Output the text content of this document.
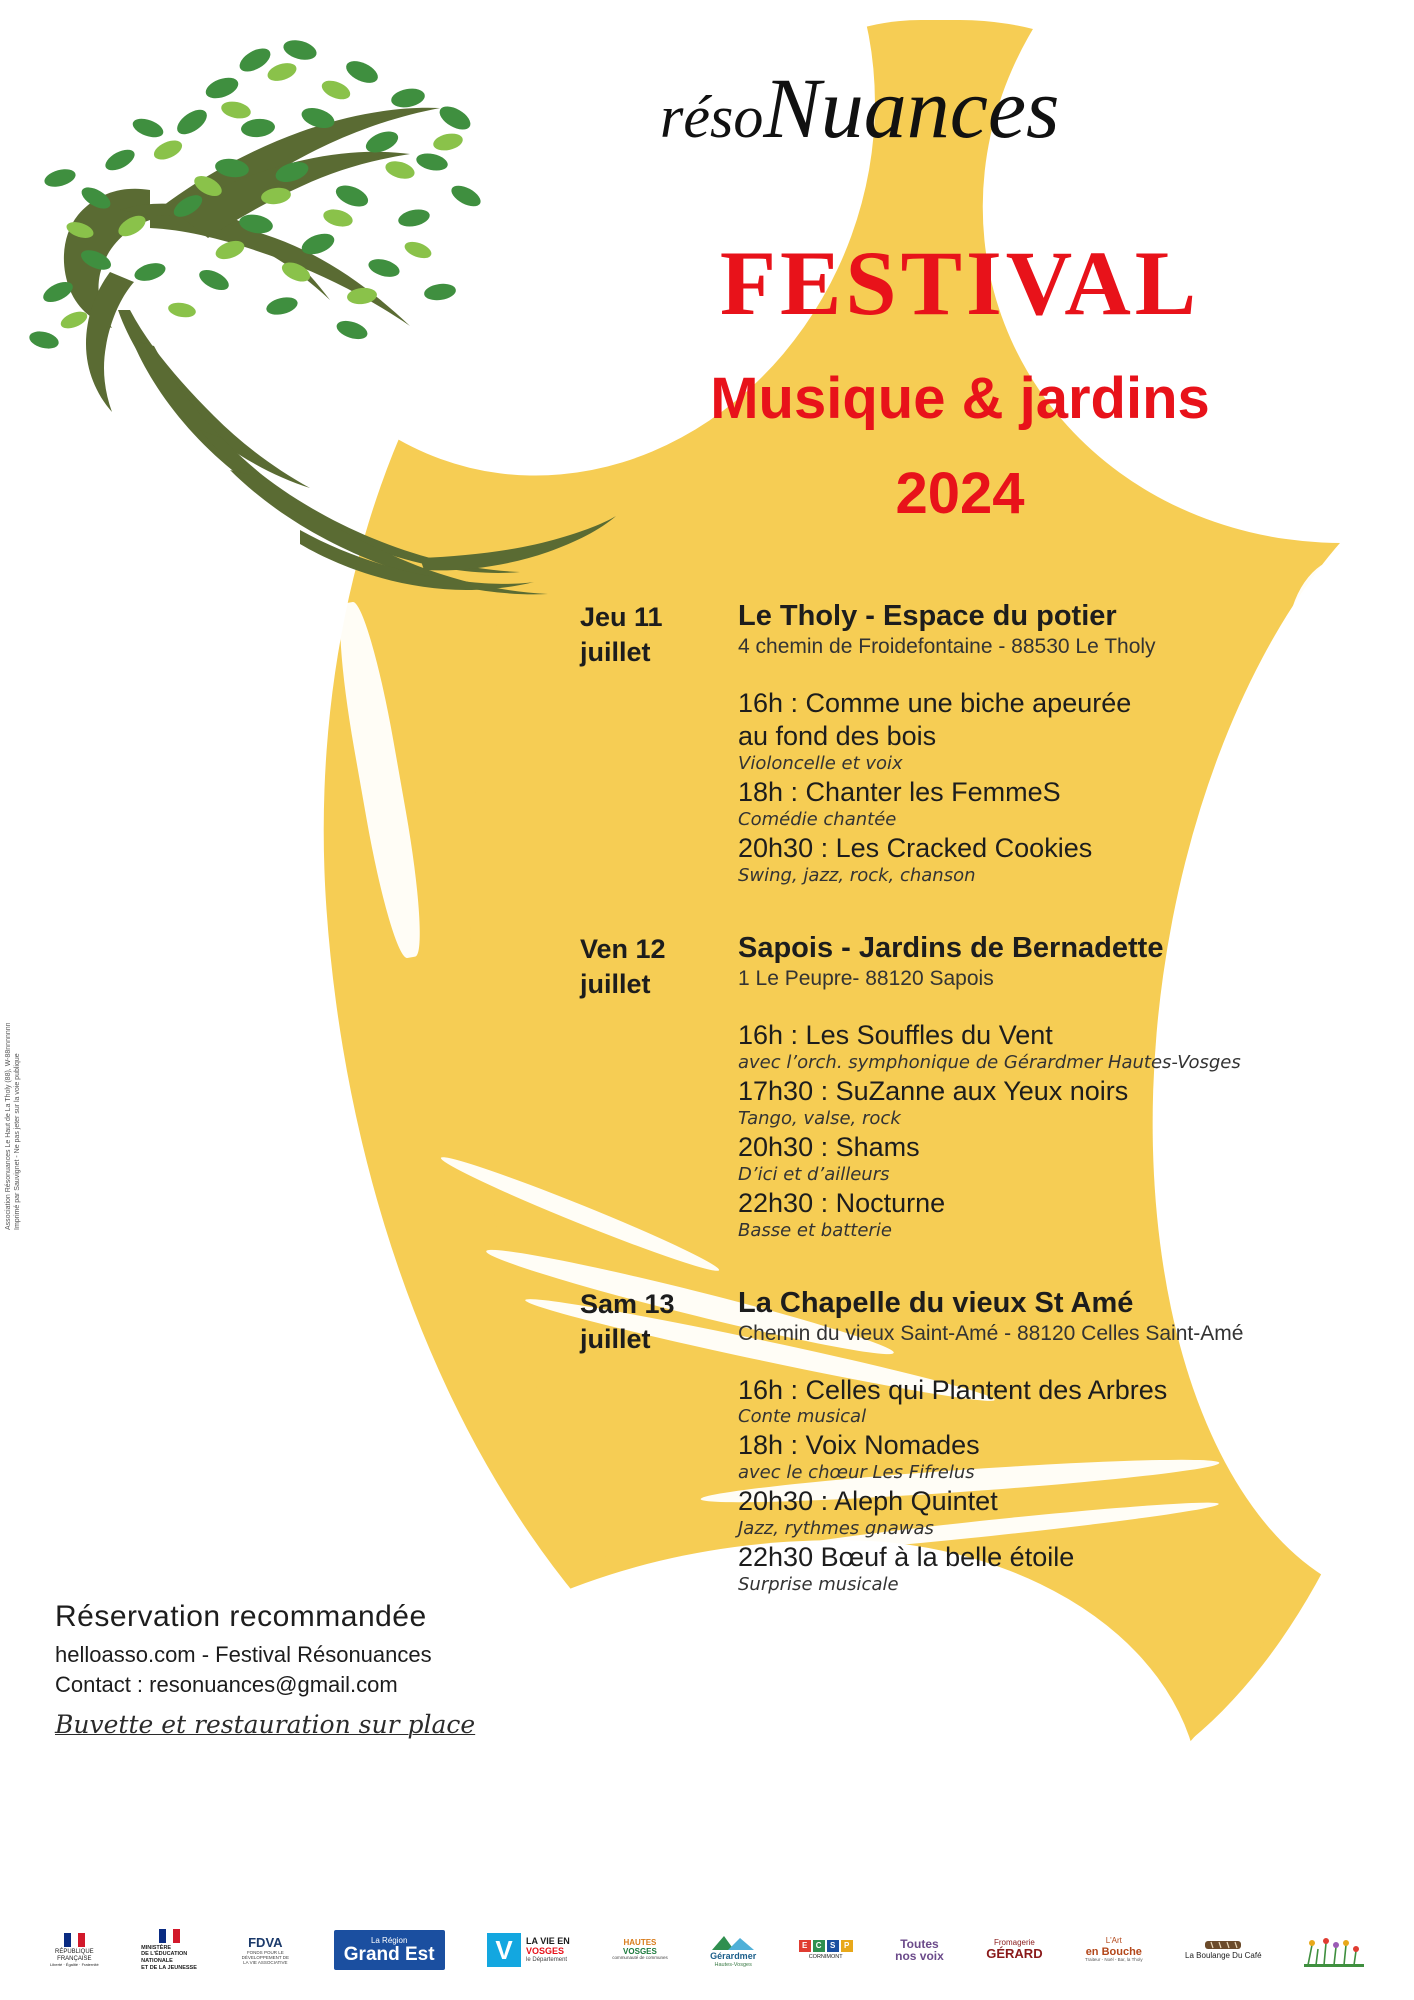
résoNuances
FESTIVAL
Musique & jardins
2024
Jeu 11
juillet

Le Tholy - Espace du potier

4 chemin de Froidefontaine - 88530 Le Tholy

16h : Comme une biche apeurée

au fond des bois

Violoncelle et voix

18h : Chanter les FemmeS

Comédie chantée

20h30 : Les Cracked Cookies

Swing, jazz, rock, chanson

Ven 12
juillet

Sapois - Jardins de Bernadette

1 Le Peupre- 88120 Sapois

16h : Les Souffles du Vent

avec l’orch. symphonique de Gérardmer Hautes-Vosges

17h30 : SuZanne aux Yeux noirs

Tango, valse, rock

20h30 : Shams

D’ici et d’ailleurs

22h30 : Nocturne

Basse et batterie

Sam 13
juillet

La Chapelle du vieux St Amé

Chemin du vieux Saint-Amé - 88120 Celles Saint-Amé

16h : Celles qui Plantent des Arbres

Conte musical

18h : Voix Nomades

avec le chœur Les Fifrelus

20h30 : Aleph Quintet

Jazz, rythmes gnawas

22h30 Bœuf à la belle étoile

Surprise musicale

Réservation recommandée

helloasso.com - Festival Résonuances

Contact : resonuances@gmail.com

Buvette et restauration sur place

Association Résonuances Le Haut de La Tholy (88), W-88nnnnnnn Imprimé par Sauvignet - Ne pas jeter sur la voie publique
RÉPUBLIQUE
FRANÇAISE
Liberté · Égalité · Fraternité
MINISTÈRE
DE L'ÉDUCATION
NATIONALE
ET DE LA JEUNESSE
FDVA
FONDS POUR LE DÉVELOPPEMENT DE LA VIE ASSOCIATIVE
La Région
Grand Est	V	LA VIE EN
VOSGES
le Département
HAUTES
VOSGES
communauté de communes	Gérardmer
Hautes-Vosges
E	C	S	P
CORNIMONT
Toutes
nos voix
Fromagerie
GÉRARD
L'Art
en Bouche
Traiteur - Noël - Bar, la Tholy	La Boulange Du Café
